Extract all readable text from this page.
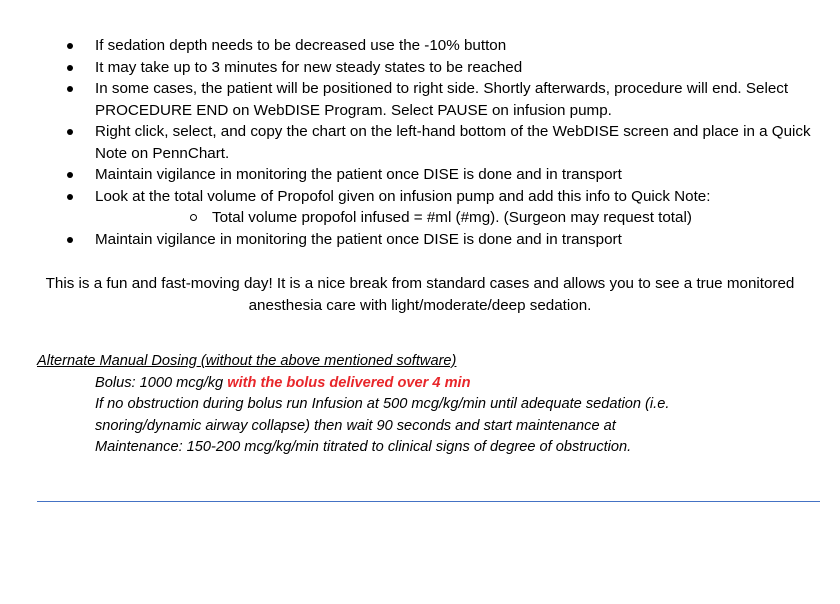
If sedation depth needs to be decreased use the -10% button
It may take up to 3 minutes for new steady states to be reached
In some cases, the patient will be positioned to right side. Shortly afterwards, procedure will end. Select PROCEDURE END on WebDISE Program. Select PAUSE on infusion pump.
Right click, select, and copy the chart on the left-hand bottom of the WebDISE screen and place in a Quick Note on PennChart.
Maintain vigilance in monitoring the patient once DISE is done and in transport
Look at the total volume of Propofol given on infusion pump and add this info to Quick Note:
Total volume propofol infused = #ml (#mg). (Surgeon may request total)
Maintain vigilance in monitoring the patient once DISE is done and in transport

This is a fun and fast-moving day! It is a nice break from standard cases and allows you to see a true monitored anesthesia care with light/moderate/deep sedation.

Alternate Manual Dosing (without the above mentioned software)
Bolus: 1000 mcg/kg with the bolus delivered over 4 min
If no obstruction during bolus run Infusion at 500 mcg/kg/min until adequate sedation (i.e.
snoring/dynamic airway collapse) then wait 90 seconds and start maintenance at
Maintenance: 150-200 mcg/kg/min titrated to clinical signs of degree of obstruction.
